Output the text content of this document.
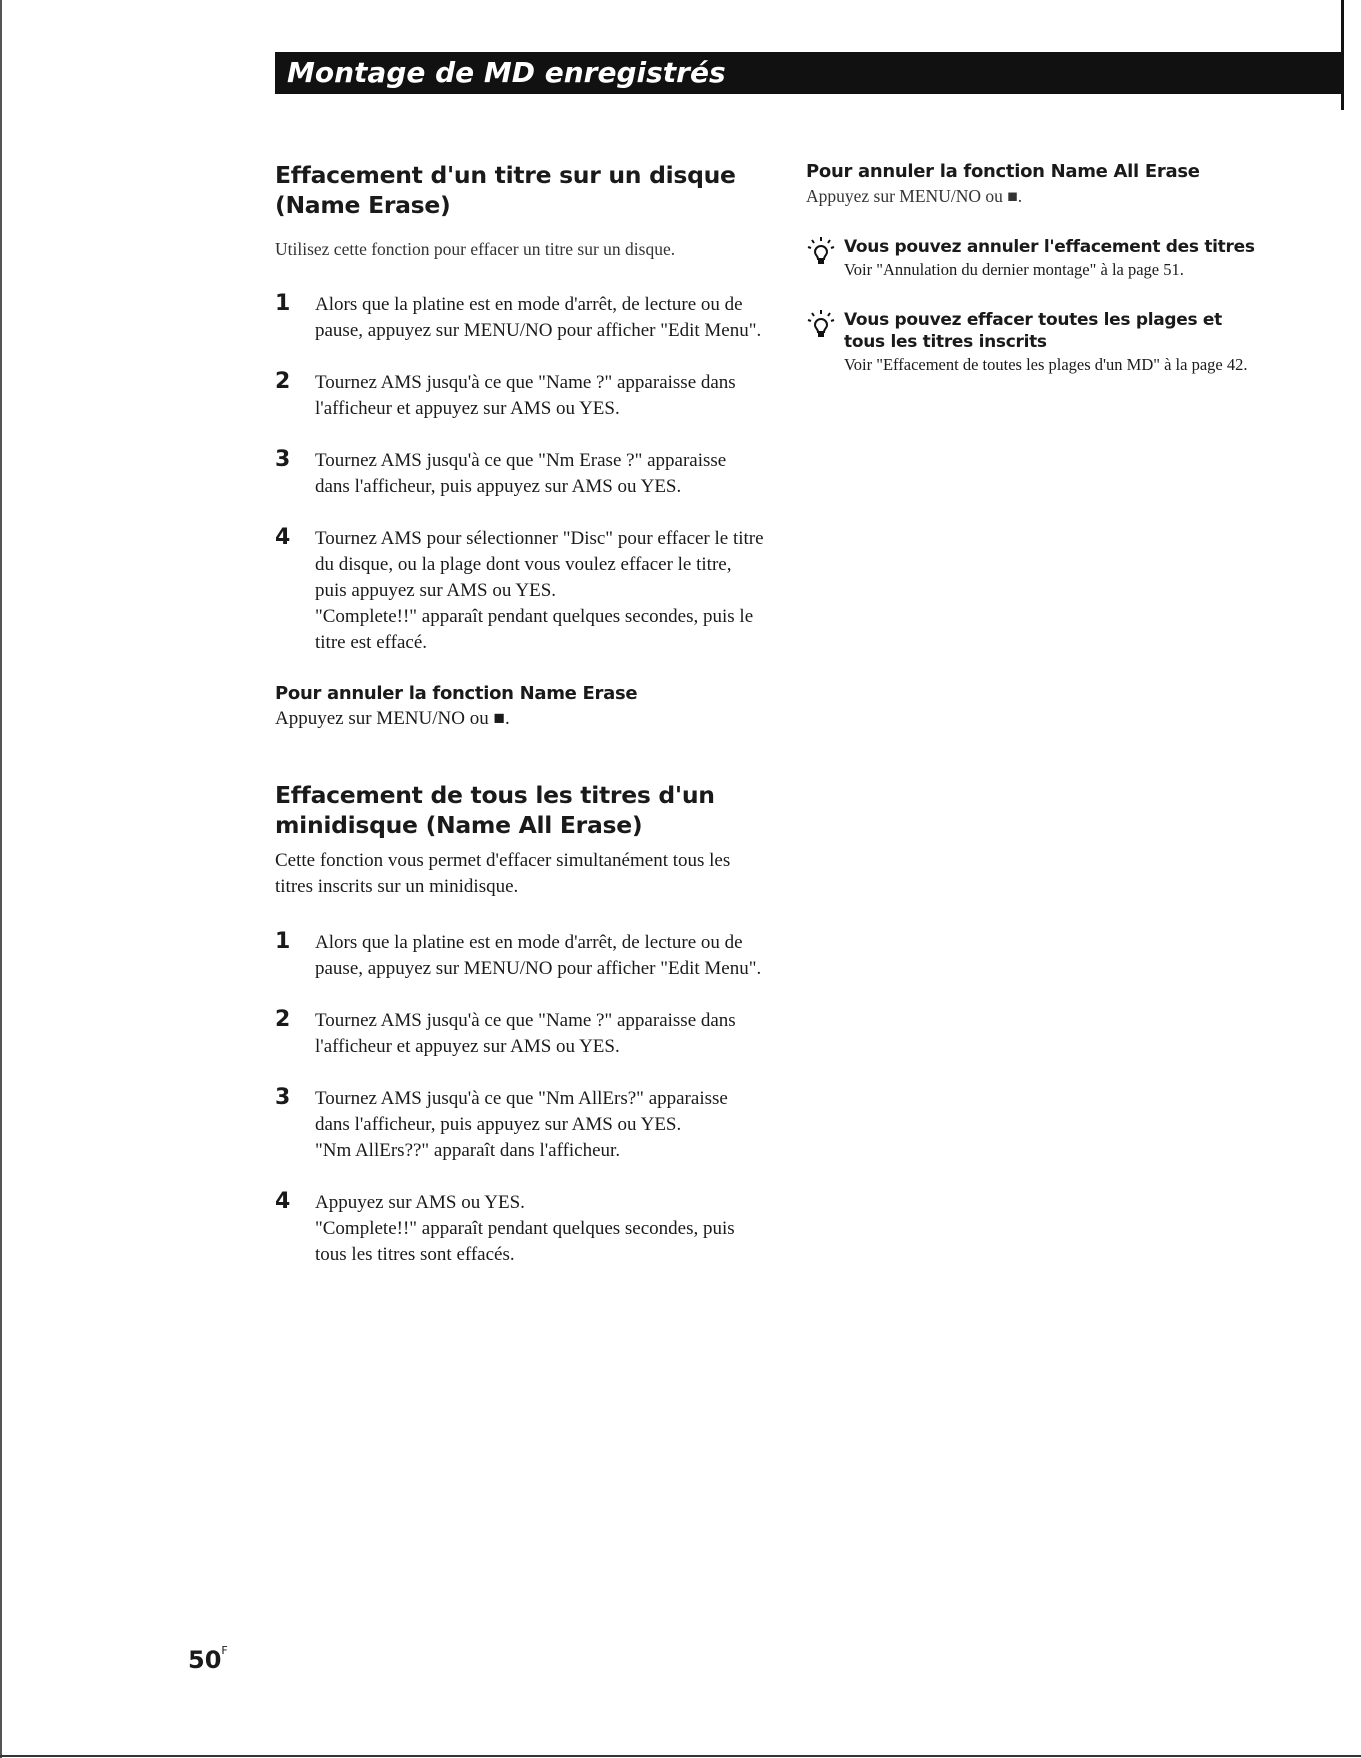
Montage de MD enregistrés
Effacement d'un titre sur un disque (Name Erase)

Utilisez cette fonction pour effacer un titre sur un disque.

1 Alors que la platine est en mode d'arrêt, de lecture ou de pause, appuyez sur MENU/NO pour afficher "Edit Menu".
2 Tournez AMS jusqu'à ce que "Name ?" apparaisse dans l'afficheur et appuyez sur AMS ou YES.
3 Tournez AMS jusqu'à ce que "Nm Erase ?" apparaisse dans l'afficheur, puis appuyez sur AMS ou YES.
4 Tournez AMS pour sélectionner "Disc" pour effacer le titre du disque, ou la plage dont vous voulez effacer le titre, puis appuyez sur AMS ou YES.
"Complete!!" apparaît pendant quelques secondes, puis le titre est effacé.
Pour annuler la fonction Name Erase

Appuyez sur MENU/NO ou ■.

Effacement de tous les titres d'un minidisque (Name All Erase)

Cette fonction vous permet d'effacer simultanément tous les titres inscrits sur un minidisque.

1 Alors que la platine est en mode d'arrêt, de lecture ou de pause, appuyez sur MENU/NO pour afficher "Edit Menu".
2 Tournez AMS jusqu'à ce que "Name ?" apparaisse dans l'afficheur et appuyez sur AMS ou YES.
3 Tournez AMS jusqu'à ce que "Nm AllErs?" apparaisse dans l'afficheur, puis appuyez sur AMS ou YES.
"Nm AllErs??" apparaît dans l'afficheur.
4 Appuyez sur AMS ou YES.
"Complete!!" apparaît pendant quelques secondes, puis tous les titres sont effacés.
Pour annuler la fonction Name All Erase

Appuyez sur MENU/NO ou ■.

Vous pouvez annuler l'effacement des titres

Voir "Annulation du dernier montage" à la page 51.

Vous pouvez effacer toutes les plages et tous les titres inscrits

Voir "Effacement de toutes les plages d'un MD" à la page 42.

$50^F$
